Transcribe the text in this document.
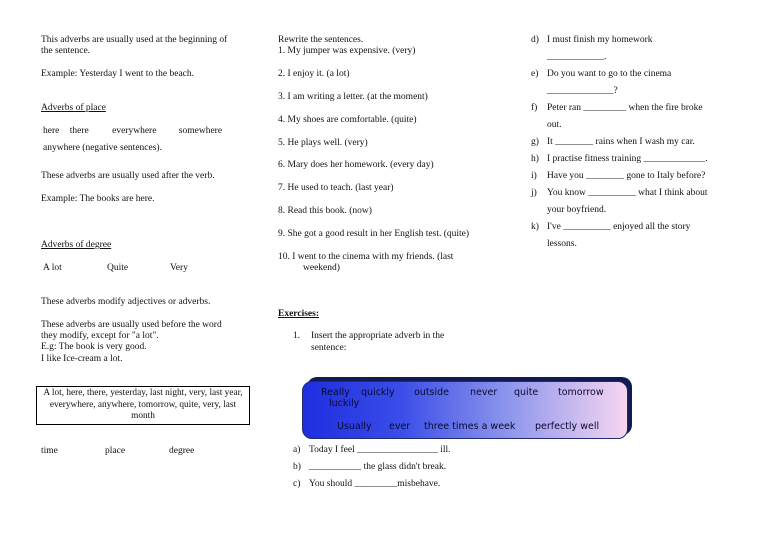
This adverbs are usually used at the beginning of
the sentence.
Example: Yesterday I went to the beach.
Adverbs of place
here there everywhere somewhere
anywhere (negative sentences).
These adverbs are usually used after the verb.
Example: The books are here.
Adverbs of degree
A lot	Quite	Very
These adverbs modify adjectives or adverbs.
These adverbs are usually used before the word
they modify, except for "a lot".
E.g: The book is very good.
I like Ice-cream a lot.
A lot, here, there, yesterday, last night, very, last year, everywhere, anywhere, tomorrow, quite, very, last month
time	place	degree
Rewrite the sentences.
1. My jumper was expensive. (very)
2. I enjoy it. (a lot)
3. I am writing a letter. (at the moment)
4. My shoes are comfortable. (quite)
5. He plays well. (very)
6. Mary does her homework. (every day)
7. He used to teach. (last year)
8. Read this book. (now)
9. She got a good result in her English test. (quite)
10. I went to the cinema with my friends. (last
weekend)
Exercises:
1. Insert the appropriate adverb in the
sentence:
Really quickly outside never quite tomorrow
luckily
Usually ever three times a week perfectly well
a) Today I feel _________________ ill.
b) ___________ the glass didn't break.
c) You should _________misbehave.
d) I must finish my homework
____________.
e) Do you want to go to the cinema
______________?
f) Peter ran _________ when the fire broke
out.
g) It ________ rains when I wash my car.
h) I practise fitness training _____________.
i) Have you ________ gone to Italy before?
j) You know __________ what I think about
your boyfriend.
k) I've __________ enjoyed all the story
lessons.
